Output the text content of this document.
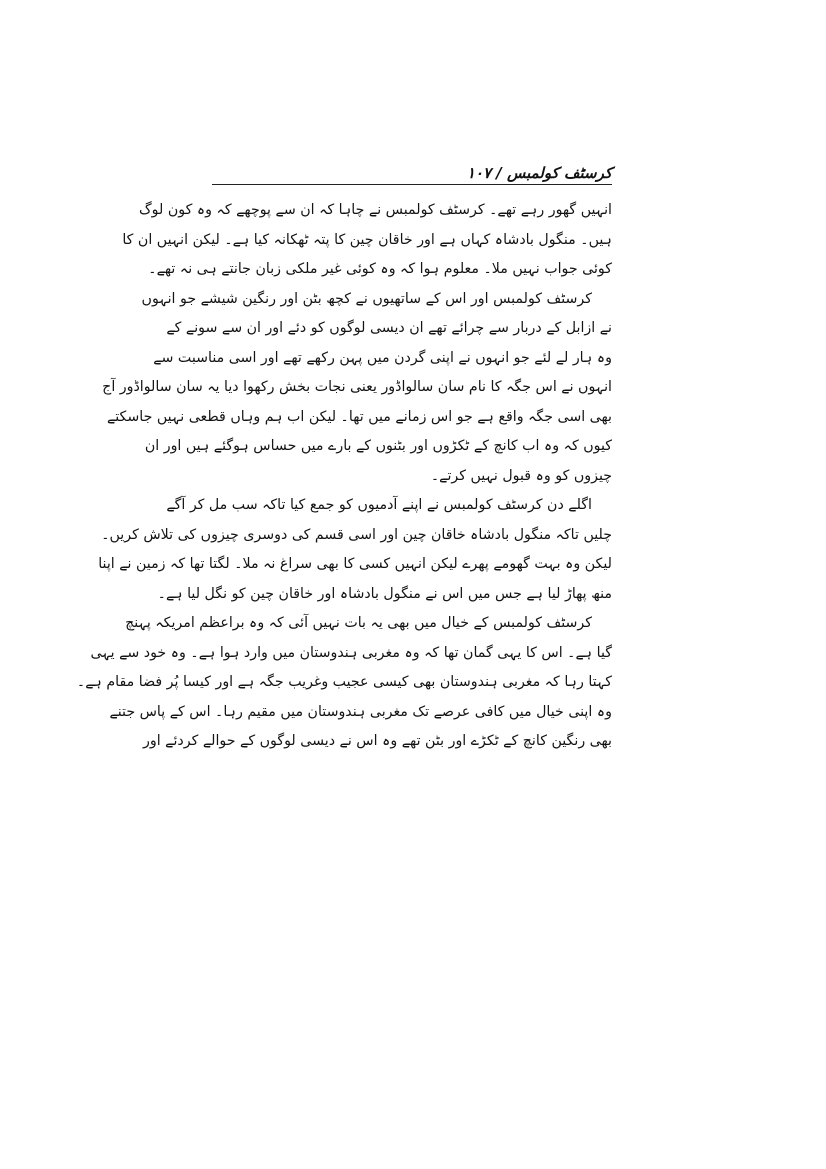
کرسٹف کولمبس / ۱۰۷
انہیں گھور رہے تھے۔ کرسٹف کولمبس نے چاہا کہ ان سے پوچھے کہ وہ کون لوگ
ہیں۔ منگول بادشاہ کہاں ہے اور خاقان چین کا پتہ ٹھکانہ کیا ہے۔ لیکن انہیں ان کا
کوئی جواب نہیں ملا۔ معلوم ہوا کہ وہ کوئی غیر ملکی زبان جانتے ہی نہ تھے۔
کرسٹف کولمبس اور اس کے ساتھیوں نے کچھ بٹن اور رنگین شیشے جو انہوں
نے ازابل کے دربار سے چرائے تھے ان دیسی لوگوں کو دئے اور ان سے سونے کے
وہ ہار لے لئے جو انہوں نے اپنی گردن میں پہن رکھے تھے اور اسی مناسبت سے
انہوں نے اس جگہ کا نام سان سالواڈور یعنی نجات بخش رکھوا دیا یہ سان سالواڈور آج
بھی اسی جگہ واقع ہے جو اس زمانے میں تھا۔ لیکن اب ہم وہاں قطعی نہیں جاسکتے
کیوں کہ وہ اب کانچ کے ٹکڑوں اور بٹنوں کے بارے میں حساس ہوگئے ہیں اور ان
چیزوں کو وہ قبول نہیں کرتے۔
اگلے دن کرسٹف کولمبس نے اپنے آدمیوں کو جمع کیا تاکہ سب مل کر آگے
چلیں تاکہ منگول بادشاہ خاقان چین اور اسی قسم کی دوسری چیزوں کی تلاش کریں۔
لیکن وہ بہت گھومے پھرے لیکن انہیں کسی کا بھی سراغ نہ ملا۔ لگتا تھا کہ زمین نے اپنا
منھ پھاڑ لیا ہے جس میں اس نے منگول بادشاہ اور خاقان چین کو نگل لیا ہے۔
کرسٹف کولمبس کے خیال میں بھی یہ بات نہیں آئی کہ وہ براعظم امریکہ پہنچ
گیا ہے۔ اس کا یہی گمان تھا کہ وہ مغربی ہندوستان میں وارد ہوا ہے۔ وہ خود سے یہی
کہتا رہا کہ مغربی ہندوستان بھی کیسی عجیب وغریب جگہ ہے اور کیسا پُر فضا مقام ہے۔
وہ اپنی خیال میں کافی عرصے تک مغربی ہندوستان میں مقیم رہا۔ اس کے پاس جتنے
بھی رنگین کانچ کے ٹکڑے اور بٹن تھے وہ اس نے دیسی لوگوں کے حوالے کردئے اور
